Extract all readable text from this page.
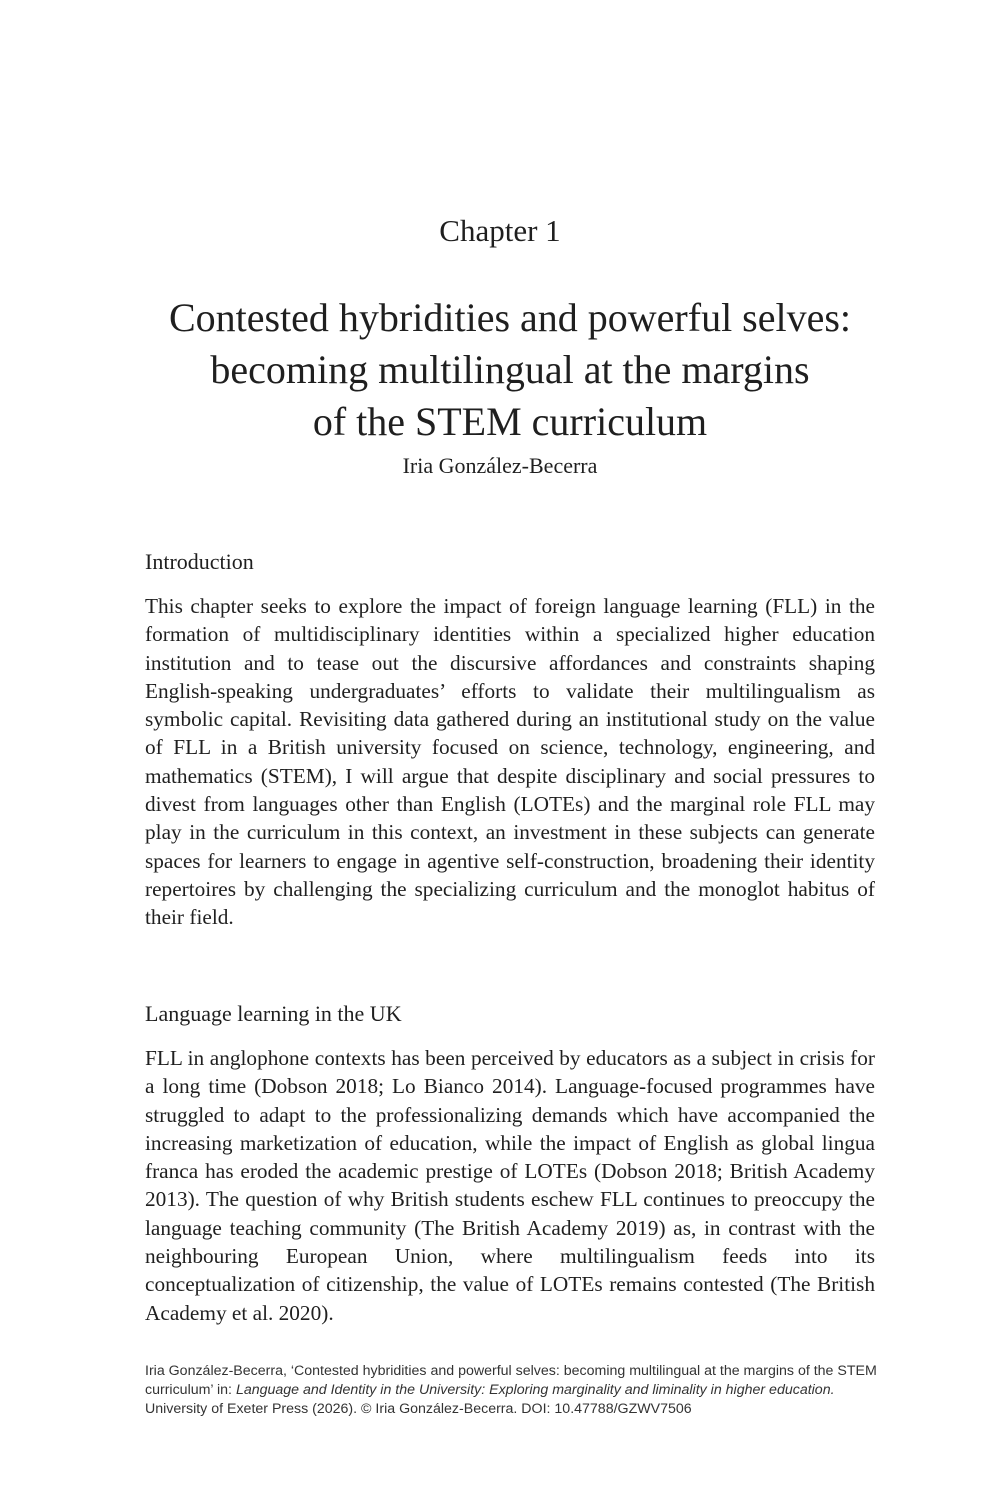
Chapter 1
Contested hybridities and powerful selves:
becoming multilingual at the margins
of the STEM curriculum
Iria González-Becerra
Introduction

This chapter seeks to explore the impact of foreign language learning (FLL) in the formation of multidisciplinary identities within a specialized higher education institution and to tease out the discursive affordances and constraints shaping English-speaking undergraduates’ efforts to validate their multilingualism as symbolic capital. Revisiting data gathered during an institutional study on the value of FLL in a British university focused on science, technology, engineering, and mathematics (STEM), I will argue that despite disciplinary and social pressures to divest from languages other than English (LOTEs) and the marginal role FLL may play in the curriculum in this context, an investment in these subjects can generate spaces for learners to engage in agentive self-construction, broadening their identity repertoires by challenging the specializing curriculum and the monoglot habitus of their field.

Language learning in the UK

FLL in anglophone contexts has been perceived by educators as a subject in crisis for a long time (Dobson 2018; Lo Bianco 2014). Language-focused programmes have struggled to adapt to the professionalizing demands which have accompanied the increasing marketization of education, while the impact of English as global lingua franca has eroded the academic prestige of LOTEs (Dobson 2018; British Academy 2013). The question of why British students eschew FLL continues to preoccupy the language teaching community (The British Academy 2019) as, in contrast with the neighbouring European Union, where multilingualism feeds into its conceptualization of citizenship, the value of LOTEs remains contested (The British Academy et al. 2020).

Iria González-Becerra, ‘Contested hybridities and powerful selves: becoming multilingual at the margins of the STEM curriculum’ in: Language and Identity in the University: Exploring marginality and liminality in higher education. University of Exeter Press (2026). © Iria González-Becerra. DOI: 10.47788/GZWV7506
